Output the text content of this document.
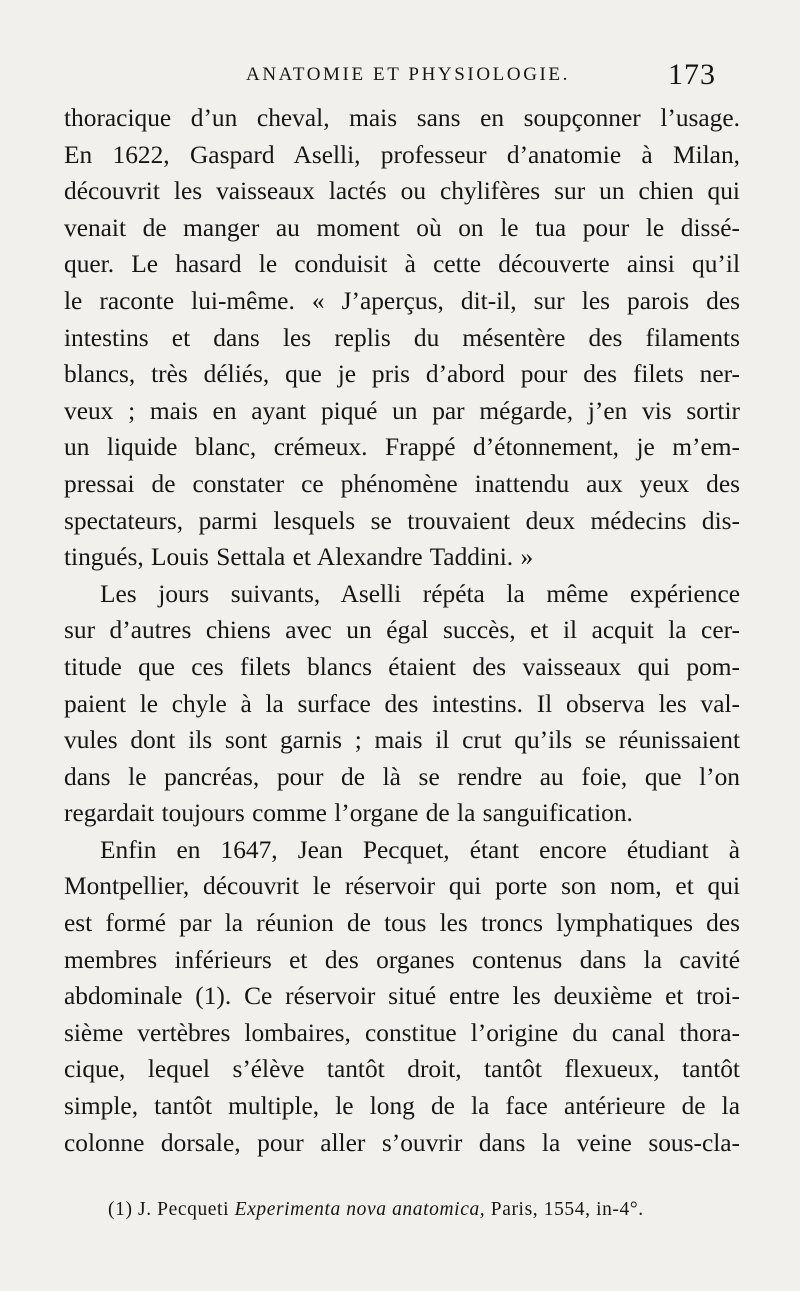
ANATOMIE ET PHYSIOLOGIE.	173

thoracique d’un cheval, mais sans en soupçonner l’usage.
En 1622, Gaspard Aselli, professeur d’anatomie à Milan,
découvrit les vaisseaux lactés ou chylifères sur un chien qui
venait de manger au moment où on le tua pour le dissé-
quer. Le hasard le conduisit à cette découverte ainsi qu’il
le raconte lui-même. « J’aperçus, dit-il, sur les parois des
intestins et dans les replis du mésentère des filaments
blancs, très déliés, que je pris d’abord pour des filets ner-
veux ; mais en ayant piqué un par mégarde, j’en vis sortir
un liquide blanc, crémeux. Frappé d’étonnement, je m’em-
pressai de constater ce phénomène inattendu aux yeux des
spectateurs, parmi lesquels se trouvaient deux médecins dis-
tingués, Louis Settala et Alexandre Taddini. »

Les jours suivants, Aselli répéta la même expérience
sur d’autres chiens avec un égal succès, et il acquit la cer-
titude que ces filets blancs étaient des vaisseaux qui pom-
paient le chyle à la surface des intestins. Il observa les val-
vules dont ils sont garnis ; mais il crut qu’ils se réunissaient
dans le pancréas, pour de là se rendre au foie, que l’on
regardait toujours comme l’organe de la sanguification.

Enfin en 1647, Jean Pecquet, étant encore étudiant à
Montpellier, découvrit le réservoir qui porte son nom, et qui
est formé par la réunion de tous les troncs lymphatiques des
membres inférieurs et des organes contenus dans la cavité
abdominale (1). Ce réservoir situé entre les deuxième et troi-
sième vertèbres lombaires, constitue l’origine du canal thora-
cique, lequel s’élève tantôt droit, tantôt flexueux, tantôt
simple, tantôt multiple, le long de la face antérieure de la
colonne dorsale, pour aller s’ouvrir dans la veine sous-cla-

(1) J. Pecqueti Experimenta nova anatomica, Paris, 1554, in-4°.
